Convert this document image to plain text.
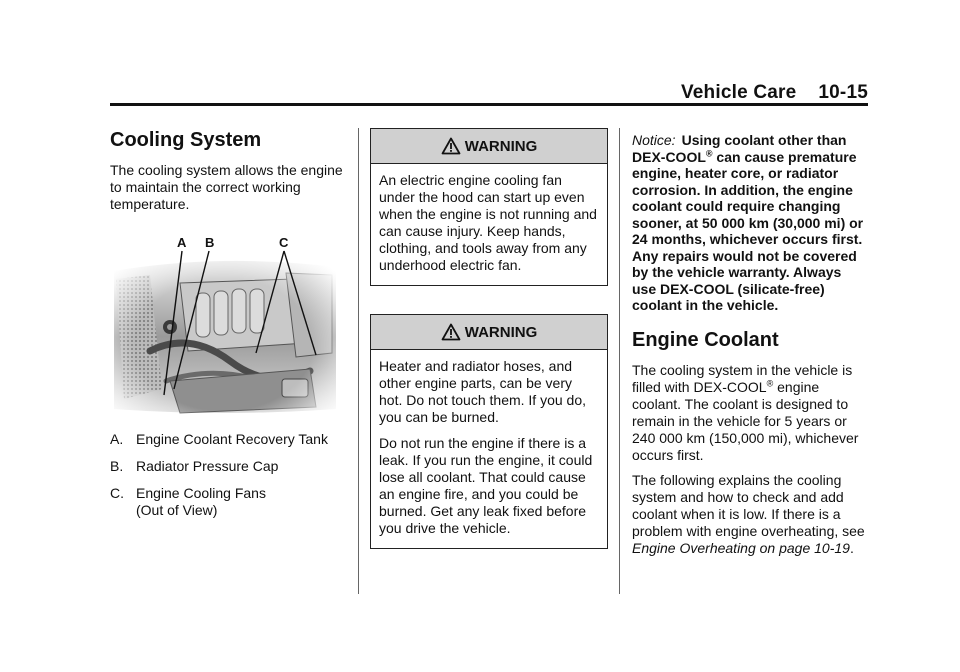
Vehicle Care 10-15
Cooling System

The cooling system allows the engine to maintain the correct working temperature.

A B	C
A. Engine Coolant Recovery Tank
B. Radiator Pressure Cap
C. Engine Cooling Fans (Out of View)
WARNING

An electric engine cooling fan under the hood can start up even when the engine is not running and can cause injury. Keep hands, clothing, and tools away from any underhood electric fan.

WARNING

Heater and radiator hoses, and other engine parts, can be very hot. Do not touch them. If you do, you can be burned.

Do not run the engine if there is a leak. If you run the engine, it could lose all coolant. That could cause an engine fire, and you could be burned. Get any leak fixed before you drive the vehicle.

Notice: Using coolant other than DEX-COOL® can cause premature engine, heater core, or radiator corrosion. In addition, the engine coolant could require changing sooner, at 50 000 km (30,000 mi) or 24 months, whichever occurs first. Any repairs would not be covered by the vehicle warranty. Always use DEX-COOL (silicate-free) coolant in the vehicle.

Engine Coolant

The cooling system in the vehicle is filled with DEX-COOL® engine coolant. The coolant is designed to remain in the vehicle for 5 years or 240 000 km (150,000 mi), whichever occurs first.

The following explains the cooling system and how to check and add coolant when it is low. If there is a problem with engine overheating, see Engine Overheating on page 10-19.
